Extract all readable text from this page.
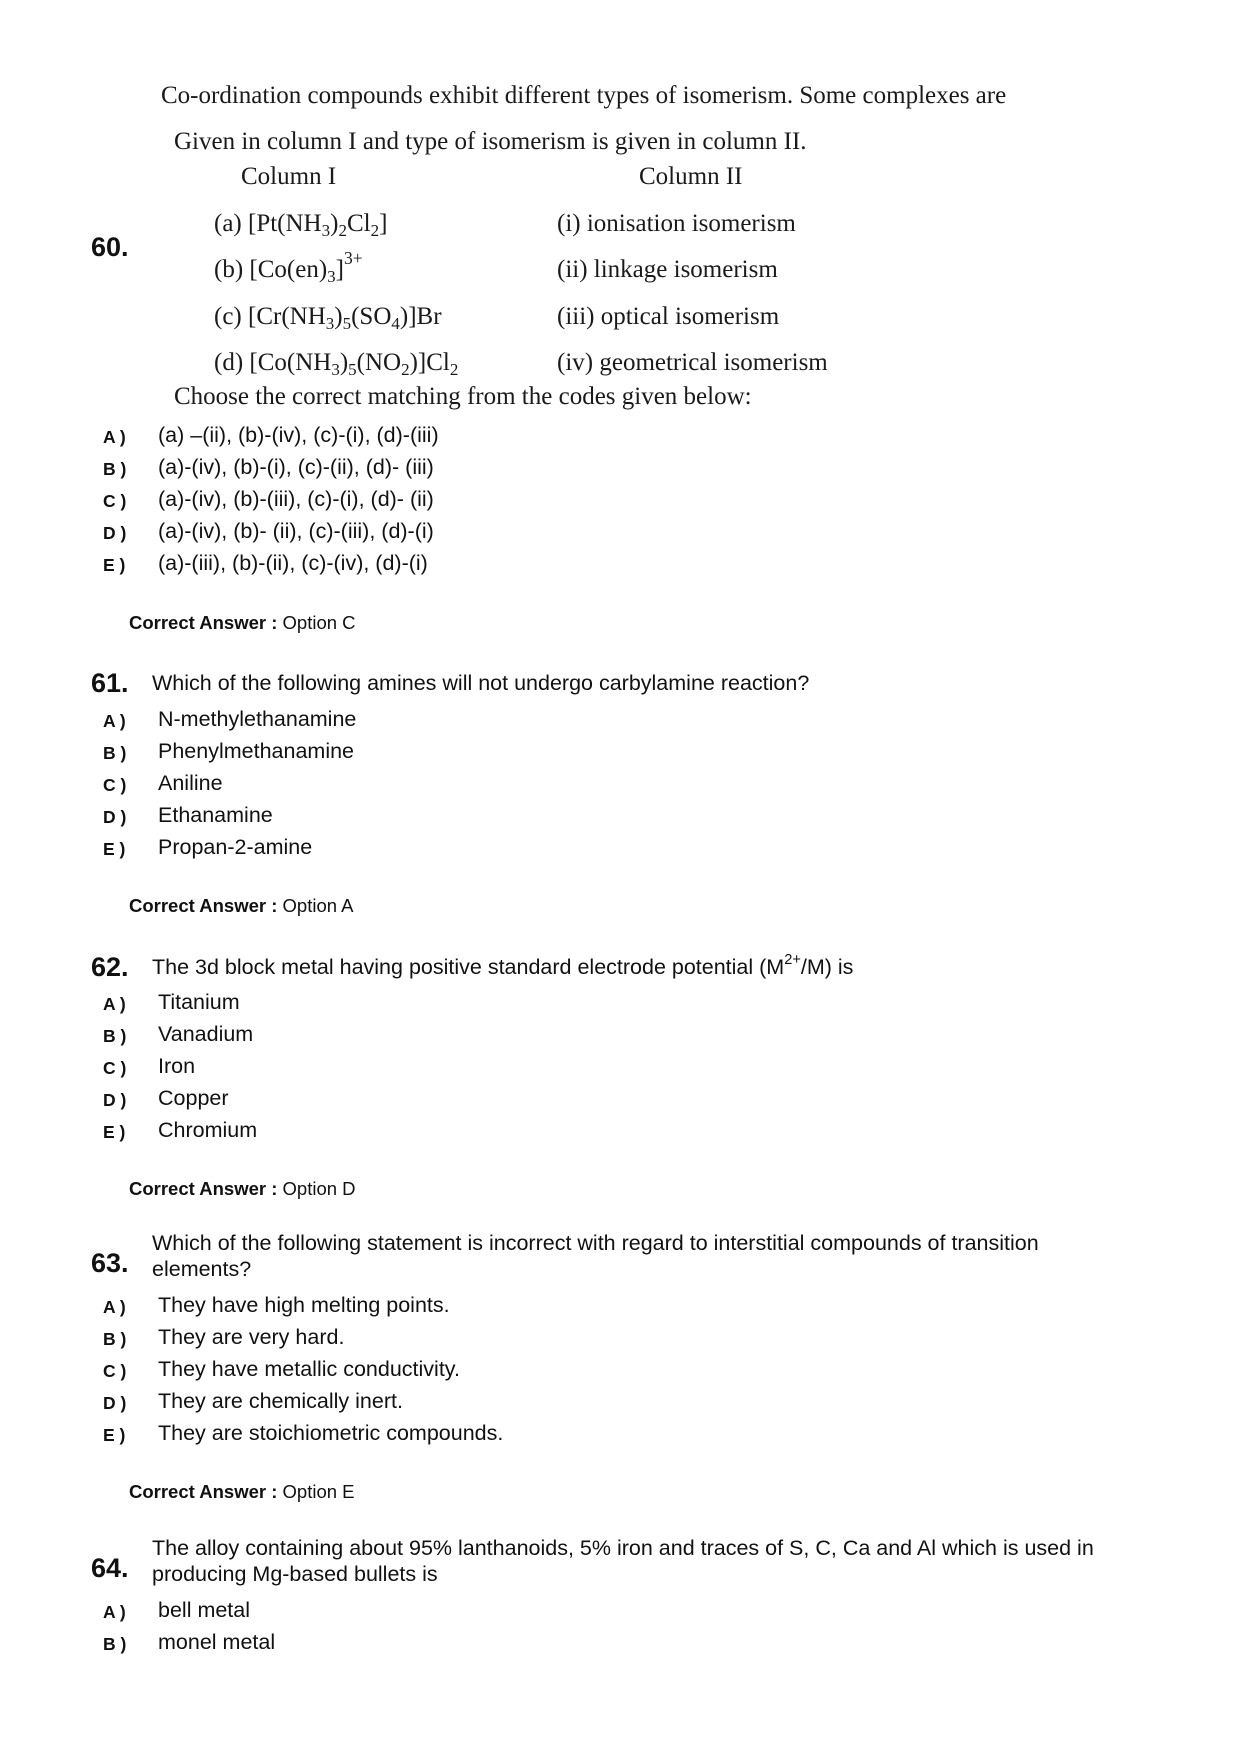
Co-ordination compounds exhibit different types of isomerism. Some complexes are
Given in column I and type of isomerism is given in column II.
Column I	Column II
60.
(a) $[Pt(NH_3)_2Cl_2]$
(b) $[Co(en)_3]^{3+}$
(c) $[Cr(NH_3)_5(SO_4)]Br$
(d) $[Co(NH_3)_5(NO_2)]Cl_2$
(i) ionisation isomerism
(ii) linkage isomerism
(iii) optical isomerism
(iv) geometrical isomerism
Choose the correct matching from the codes given below:
A ) (a) –(ii), (b)-(iv), (c)-(i), (d)-(iii)
B ) (a)-(iv), (b)-(i), (c)-(ii), (d)- (iii)
C ) (a)-(iv), (b)-(iii), (c)-(i), (d)- (ii)
D ) (a)-(iv), (b)- (ii), (c)-(iii), (d)-(i)
E ) (a)-(iii), (b)-(ii), (c)-(iv), (d)-(i)
Correct Answer : Option C
61. Which of the following amines will not undergo carbylamine reaction?
A ) N-methylethanamine
B ) Phenylmethanamine
C ) Aniline
D ) Ethanamine
E ) Propan-2-amine
Correct Answer : Option A
62. The 3d block metal having positive standard electrode potential $(M^{2+}/M)$ is
A ) Titanium
B ) Vanadium
C ) Iron
D ) Copper
E ) Chromium
Correct Answer : Option D
63.
Which of the following statement is incorrect with regard to interstitial compounds of transition
elements?
A ) They have high melting points.
B ) They are very hard.
C ) They have metallic conductivity.
D ) They are chemically inert.
E ) They are stoichiometric compounds.
Correct Answer : Option E
64.
The alloy containing about 95% lanthanoids, 5% iron and traces of S, C, Ca and Al which is used in
producing Mg-based bullets is
A ) bell metal
B ) monel metal
